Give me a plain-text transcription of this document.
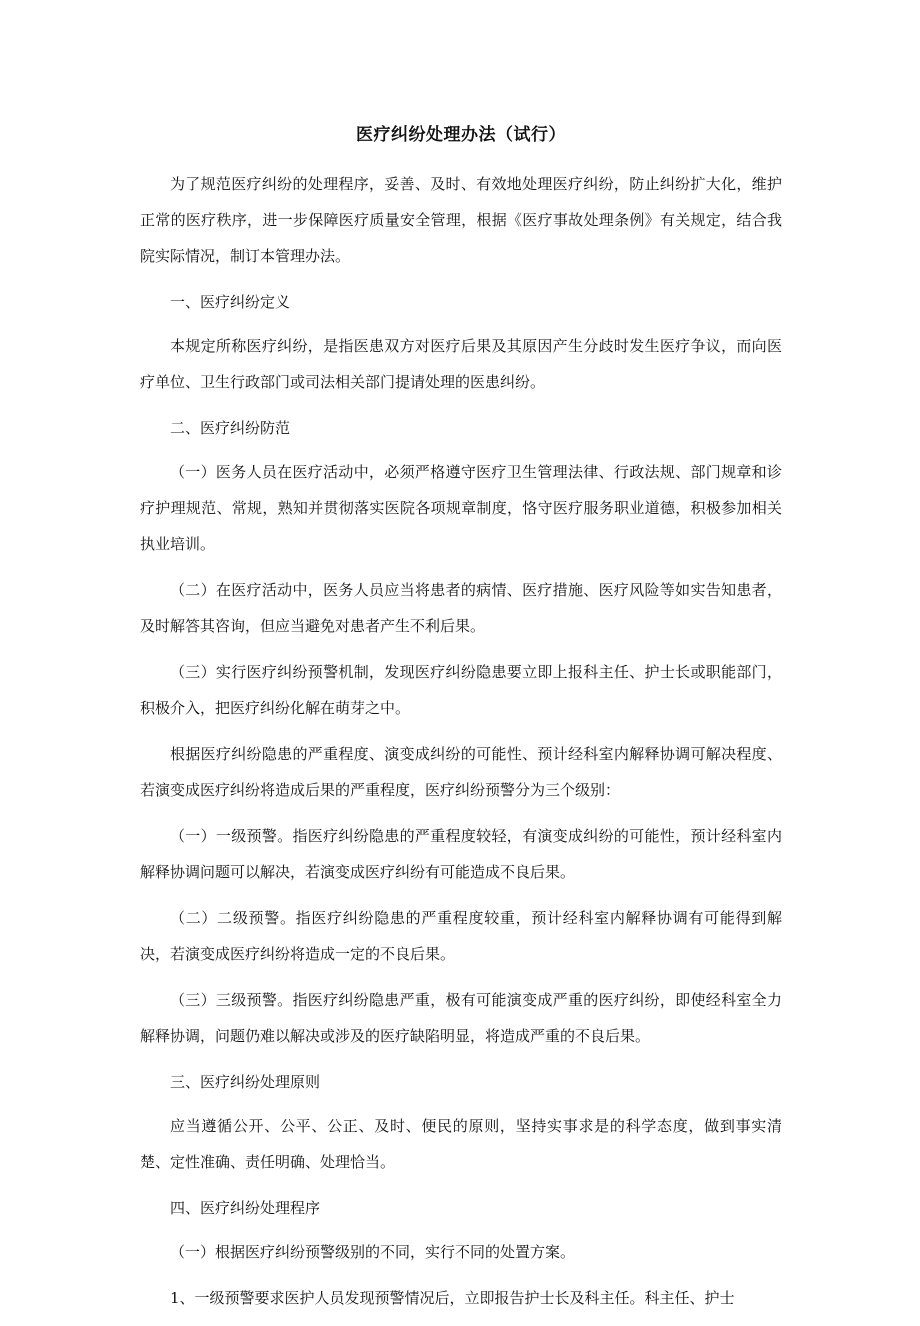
医疗纠纷处理办法（试行）

为了规范医疗纠纷的处理程序，妥善、及时、有效地处理医疗纠纷，防止纠纷扩大化，维护正常的医疗秩序，进一步保障医疗质量安全管理，根据《医疗事故处理条例》有关规定，结合我院实际情况，制订本管理办法。

一、医疗纠纷定义

本规定所称医疗纠纷，是指医患双方对医疗后果及其原因产生分歧时发生医疗争议，而向医疗单位、卫生行政部门或司法相关部门提请处理的医患纠纷。

二、医疗纠纷防范

（一）医务人员在医疗活动中，必须严格遵守医疗卫生管理法律、行政法规、部门规章和诊疗护理规范、常规，熟知并贯彻落实医院各项规章制度，恪守医疗服务职业道德，积极参加相关执业培训。

（二）在医疗活动中，医务人员应当将患者的病情、医疗措施、医疗风险等如实告知患者，及时解答其咨询，但应当避免对患者产生不利后果。

（三）实行医疗纠纷预警机制，发现医疗纠纷隐患要立即上报科主任、护士长或职能部门，积极介入，把医疗纠纷化解在萌芽之中。

根据医疗纠纷隐患的严重程度、演变成纠纷的可能性、预计经科室内解释协调可解决程度、若演变成医疗纠纷将造成后果的严重程度，医疗纠纷预警分为三个级别：

（一）一级预警。指医疗纠纷隐患的严重程度较轻，有演变成纠纷的可能性，预计经科室内解释协调问题可以解决，若演变成医疗纠纷有可能造成不良后果。

（二）二级预警。指医疗纠纷隐患的严重程度较重，预计经科室内解释协调有可能得到解决，若演变成医疗纠纷将造成一定的不良后果。

（三）三级预警。指医疗纠纷隐患严重，极有可能演变成严重的医疗纠纷，即使经科室全力解释协调，问题仍难以解决或涉及的医疗缺陷明显，将造成严重的不良后果。

三、医疗纠纷处理原则

应当遵循公开、公平、公正、及时、便民的原则，坚持实事求是的科学态度，做到事实清楚、定性准确、责任明确、处理恰当。

四、医疗纠纷处理程序

（一）根据医疗纠纷预警级别的不同，实行不同的处置方案。

1、一级预警要求医护人员发现预警情况后，立即报告护士长及科主任。科主任、护士
